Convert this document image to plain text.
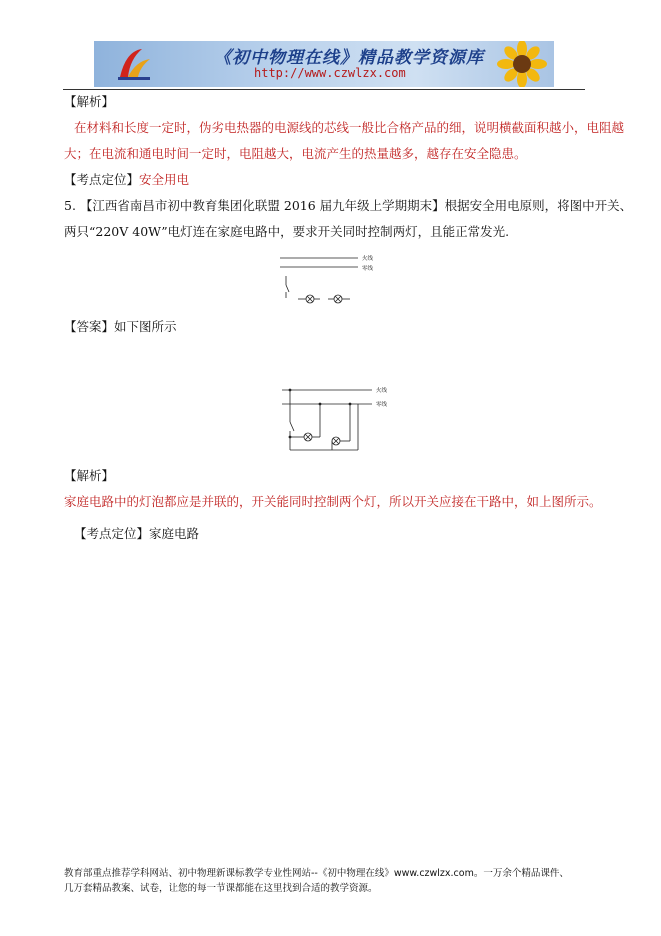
《初中物理在线》精品教学资源库
http://www.czwlzx.com
【解析】
在材料和长度一定时，伪劣电热器的电源线的芯线一般比合格产品的细，说明横截面积越小，电阻越
大；在电流和通电时间一定时，电阻越大，电流产生的热量越多，越存在安全隐患。
【考点定位】安全用电
5. 【江西省南昌市初中教育集团化联盟 2016 届九年级上学期期末】根据安全用电原则，将图中开关、
两只“220V 40W”电灯连在家庭电路中，要求开关同时控制两灯，且能正常发光.
火线
零线
【答案】如下图所示
火线
零线
【解析】
家庭电路中的灯泡都应是并联的，开关能同时控制两个灯，所以开关应接在干路中，如上图所示。
【考点定位】家庭电路
教育部重点推荐学科网站、初中物理新课标教学专业性网站--《初中物理在线》www.czwlzx.com。一万余个精品课件、
几万套精品教案、试卷，让您的每一节课都能在这里找到合适的教学资源。
